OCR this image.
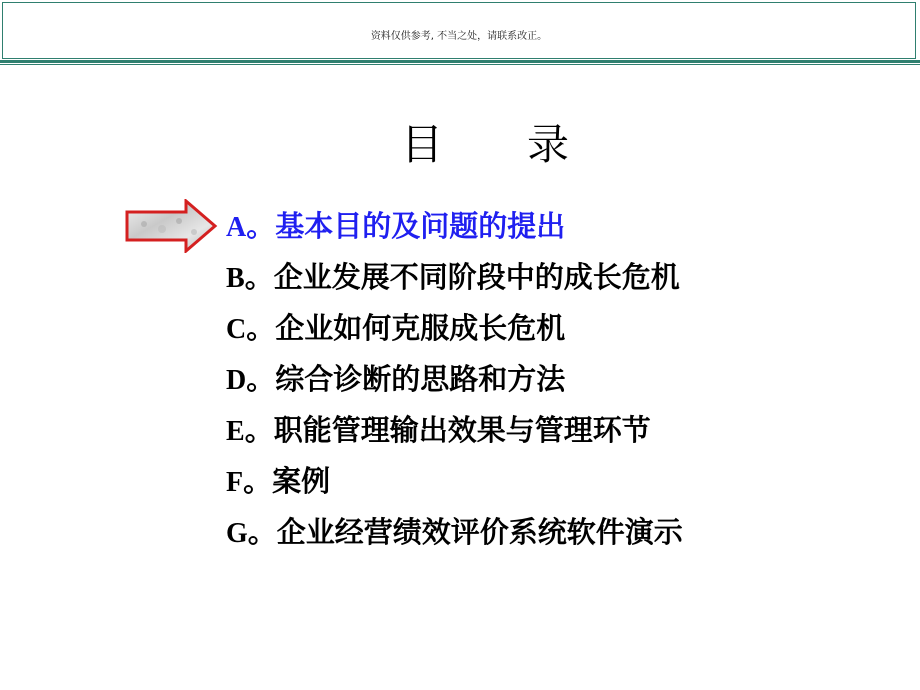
资料仅供参考, 不当之处，请联系改正。
目　　录
A。基本目的及问题的提出
B。企业发展不同阶段中的成长危机
C。企业如何克服成长危机
D。综合诊断的思路和方法
E。职能管理输出效果与管理环节
F。案例
G。企业经营绩效评价系统软件演示
